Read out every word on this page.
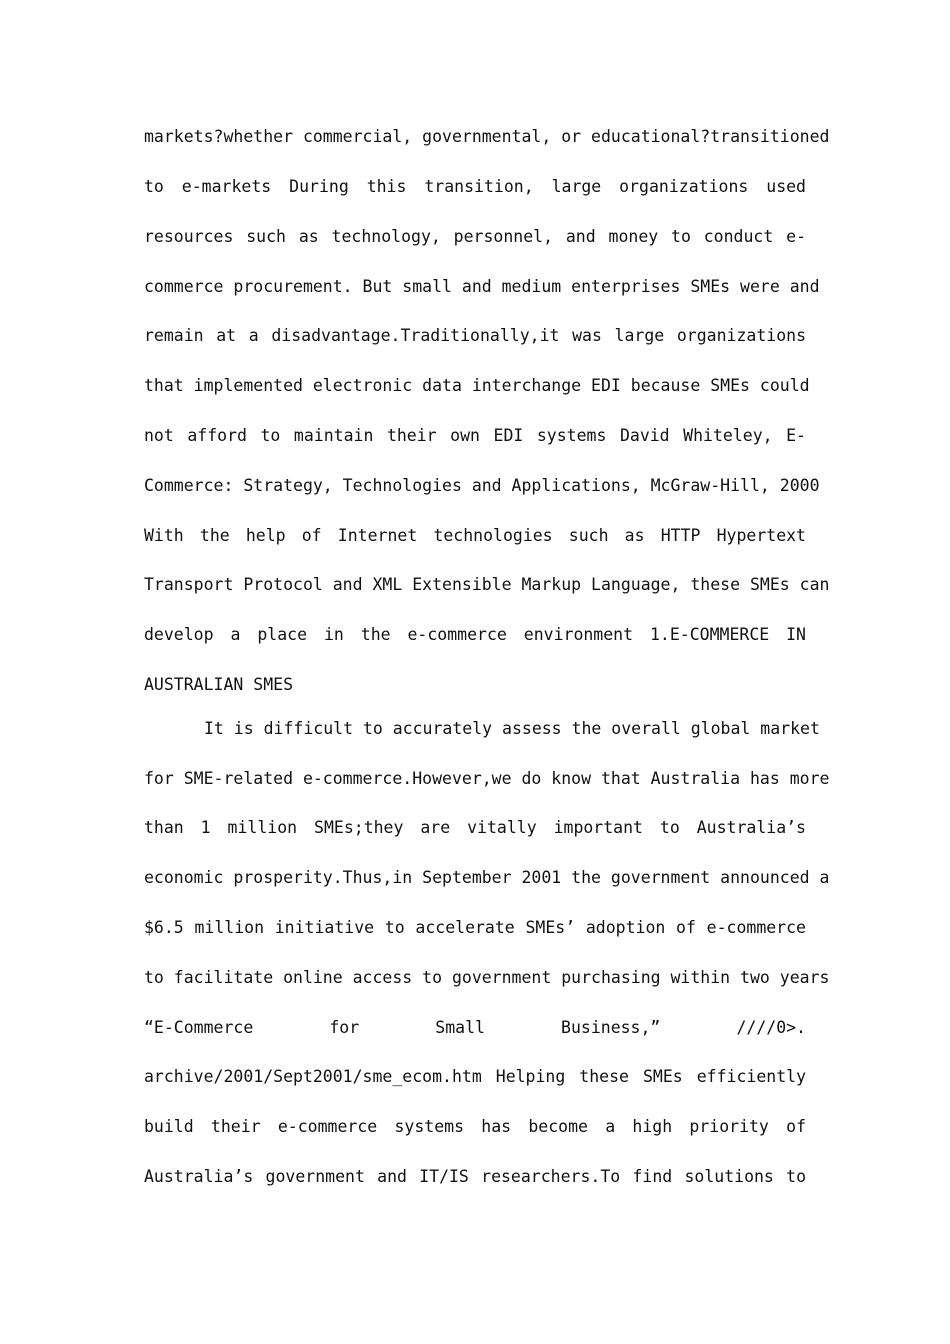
markets?whether commercial, governmental, or educational?transitioned
to e-markets During this transition, large organizations used
resources such as technology, personnel, and money to conduct e-
commerce procurement. But small and medium enterprises SMEs were and
remain at a disadvantage.Traditionally,it was large organizations
that implemented electronic data interchange EDI because SMEs could
not afford to maintain their own EDI systems David Whiteley, E-
Commerce: Strategy, Technologies and Applications, McGraw-Hill, 2000
With the help of Internet technologies such as HTTP Hypertext
Transport Protocol and XML Extensible Markup Language, these SMEs can
develop a place in the e-commerce environment 1.E-COMMERCE IN
AUSTRALIAN SMES
It is difficult to accurately assess the overall global market
for SME-related e-commerce.However,we do know that Australia has more
than 1 million SMEs;they are vitally important to Australia’s
economic prosperity.Thus,in September 2001 the government announced a
$6.5 million initiative to accelerate SMEs’ adoption of e-commerce
to facilitate online access to government purchasing within two years
“E-Commerce for Small Business,” ////0>.
archive/2001/Sept2001/sme_ecom.htm Helping these SMEs efficiently
build their e-commerce systems has become a high priority of
Australia’s government and IT/IS researchers.To find solutions to
